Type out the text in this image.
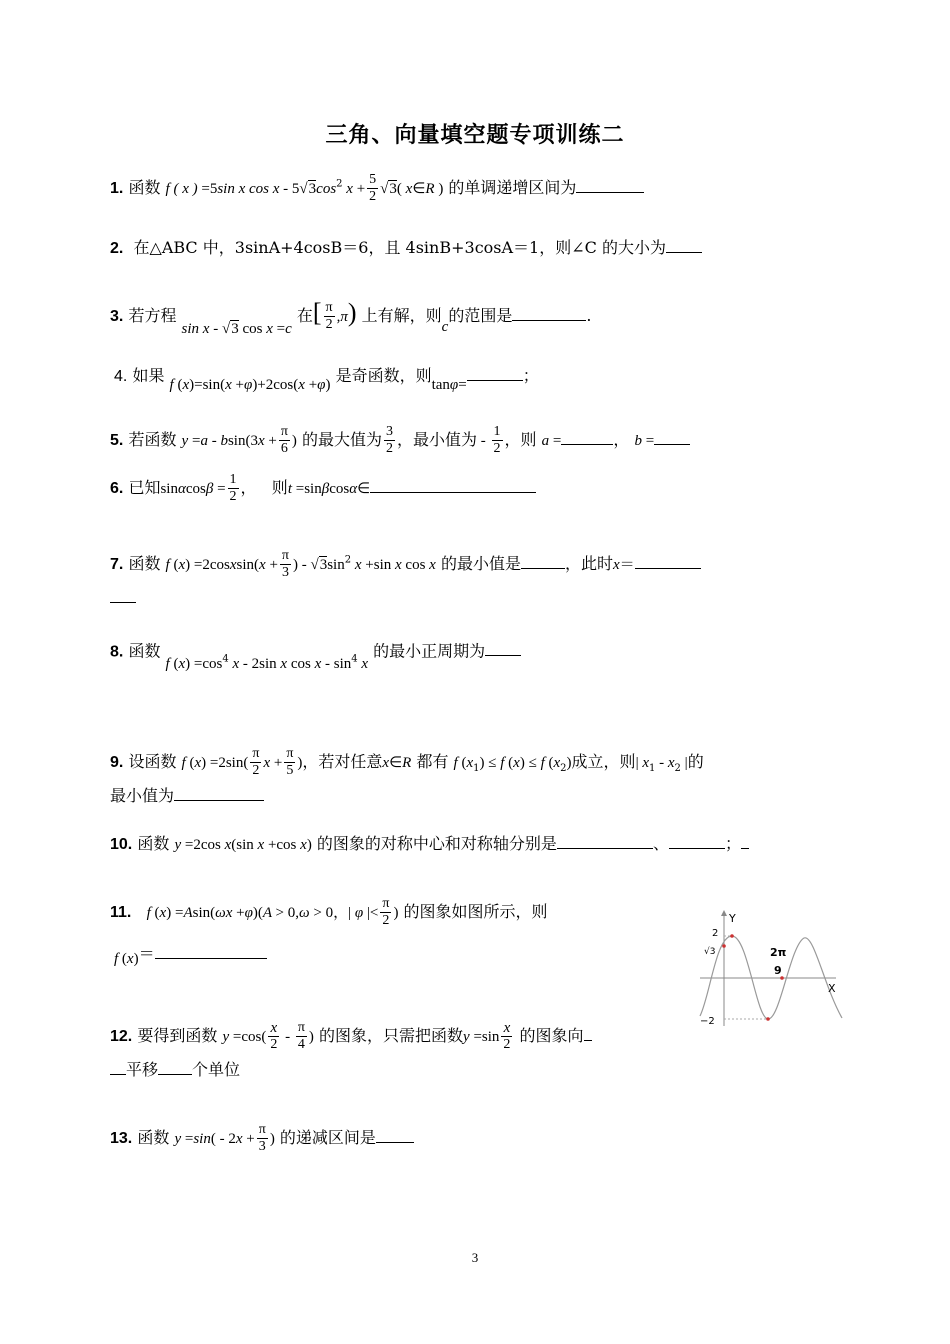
三角、向量填空题专项训练二
1. 函数 f ( x ) =5sin x cos x - $5√3\cos^2$ $x + \frac{5}{2} √3$( x∈R ) 的单调递增区间为
2. 在△ABC 中，3sinA+4cosB＝6，且 4sinB+3cosA＝1，则∠C 的大小为
3. 若方程 sin x - √3 cos x =c 在[ $\frac{\pi}{2} ,\pi$) 上有解，则c的范围是	.
4. 如果 f (x)=sin(x +φ)+2cos(x +φ) 是奇函数，则tanφ=	；
5. 若函数 $y =a - bsin(3x + \frac{\pi}{6}$ ) 的最大值为 $\frac{3}{2}$ ，最小值为 - $\frac{1}{2}$ ，则 a =	， b =
6. 已知$\sin\alpha\cos\beta = \frac{1}{2}$ ，   则t =sinβcosα∈
7. 函数 f (x) =2cosxsin(x + $\frac{\pi}{3}$ ) - $√3\sin^2$ x +sin x cos x 的最小值是	，此时x＝
8. 函数 f $(x) =\cos^4$ x - 2sin x cos x - $\sin^4 x$ 的最小正周期为
9. 设函数 f $(x) =2\sin( \frac{\pi}{2}$ $x + \frac{\pi}{5}$ )，若对任意x∈R 都有 f $(x_1) \le f$ (x) ≤ f $(x_2)$成立，则| $x_1 - x_2$ |的
最小值为
10. 函数 y =2cos x(sin x +cos x) 的图象的对称中心和对称轴分别是	、	；
11. f (x) =Asin(ωx +φ)(A > 0,ω > 0，| φ |< $\frac{\pi}{2}$ ) 的图象如图所示，则
f (x)＝
12. 要得到函数 $y =\cos( \frac{x}{2} - \frac{\pi}{4}$ ) 的图象，只需把函数$y =\sin \frac{x}{2}$ 的图象向
平移 个单位
13. 函数 $y =\sin( - 2x + \frac{\pi}{3}$ ) 的递减区间是
Y
X
2
√3
−2
2π
9
3
